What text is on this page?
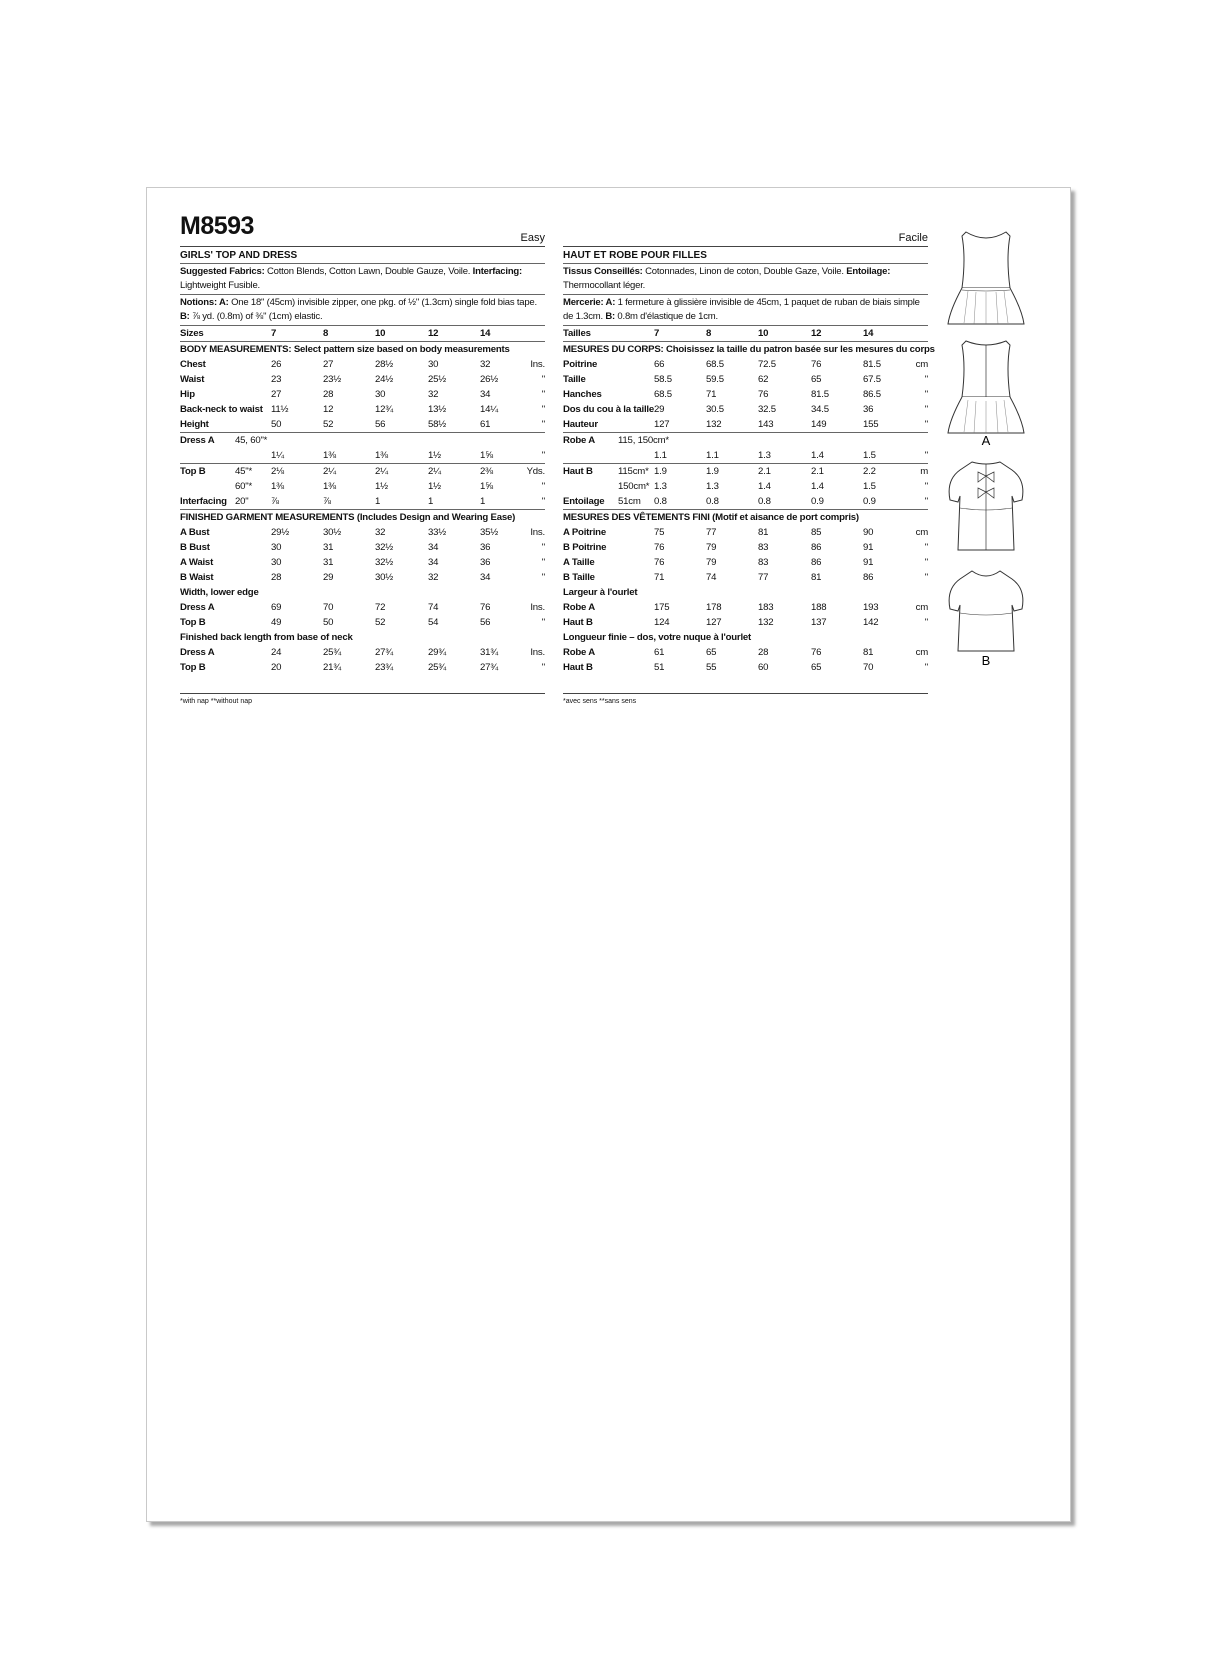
M8593	Easy
GIRLS' TOP AND DRESS
Suggested Fabrics: Cotton Blends, Cotton Lawn, Double Gauze, Voile. Interfacing: Lightweight Fusible.
Notions: A: One 18" (45cm) invisible zipper, one pkg. of ½" (1.3cm) single fold bias tape. B: ⅞ yd. (0.8m) of ⅜" (1cm) elastic.
Sizes	7	8	10	12	14
BODY MEASUREMENTS: Select pattern size based on body measurements
Chest	26	27	28½	30	32	Ins.
Waist	23	23½	24½	25½	26½	"
Hip	27	28	30	32	34	"
Back-neck to waist 11½	12	12¾	13½	14¼	"
Height	50	52	56	58½	61	"
Dress A 45, 60"*
1¼	1⅜	1⅜	1½	1⅝	"
Top B	45"* 2⅛	2¼	2¼	2¼	2⅜	Yds.
60"* 1⅜	1⅜	1½	1½	1⅝	"
Interfacing 20" ⅞	⅞	1	1	1	"
FINISHED GARMENT MEASUREMENTS (Includes Design and Wearing Ease)
A Bust	29½	30½	32	33½	35½	Ins.
B Bust	30	31	32½	34	36	"
A Waist	30	31	32½	34	36	"
B Waist	28	29	30½	32	34	"
Width, lower edge
Dress A	69	70	72	74	76	Ins.
Top B	49	50	52	54	56	"
Finished back length from base of neck
Dress A	24	25¾	27¾	29¾	31¾	Ins.
Top B	20	21¾	23¾	25¾	27¾	"
*with nap **without nap
Facile
HAUT ET ROBE POUR FILLES
Tissus Conseillés: Cotonnades, Linon de coton, Double Gaze, Voile. Entoilage: Thermocollant léger.
Mercerie: A: 1 fermeture à glissière invisible de 45cm, 1 paquet de ruban de biais simple de 1.3cm. B: 0.8m d'élastique de 1cm.
Tailles	7	8	10	12	14
MESURES DU CORPS: Choisissez la taille du patron basée sur les mesures du corps
Poitrine	66	68.5	72.5	76	81.5	cm
Taille	58.5	59.5	62	65	67.5	"
Hanches	68.5	71	76	81.5	86.5	"
Dos du cou à la taille 29	30.5	32.5	34.5	36	"
Hauteur	127	132	143	149	155	"
Robe A 115, 150cm*
1.1	1.1	1.3	1.4	1.5	"
Haut B	115cm* 1.9	1.9	2.1	2.1	2.2	m
150cm* 1.3	1.3	1.4	1.4	1.5	"
Entoilage 51cm 0.8	0.8	0.8	0.9	0.9	"
MESURES DES VÊTEMENTS FINI (Motif et aisance de port compris)
A Poitrine	75	77	81	85	90	cm
B Poitrine	76	79	83	86	91	"
A Taille	76	79	83	86	91	"
B Taille	71	74	77	81	86	"
Largeur à l'ourlet
Robe A	175	178	183	188	193	cm
Haut B	124	127	132	137	142	"
Longueur finie – dos, votre nuque à l'ourlet
Robe A	61	65	28	76	81	cm
Haut B	51	55	60	65	70	"
*avec sens **sans sens

A

B
